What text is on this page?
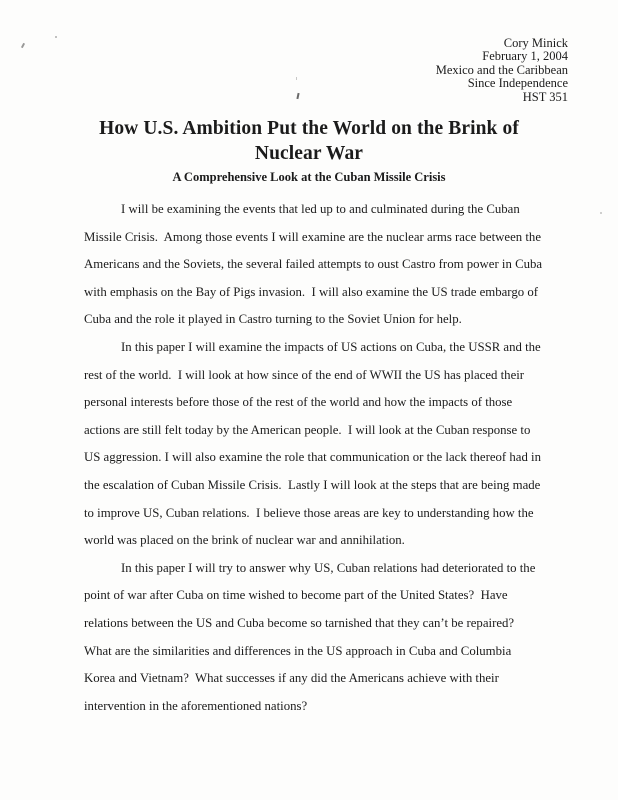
Cory Minick
February 1, 2004
Mexico and the Caribbean
Since Independence
HST 351
How U.S. Ambition Put the World on the Brink of
Nuclear War
A Comprehensive Look at the Cuban Missile Crisis
I will be examining the events that led up to and culminated during the Cuban
Missile Crisis.  Among those events I will examine are the nuclear arms race between the
Americans and the Soviets, the several failed attempts to oust Castro from power in Cuba
with emphasis on the Bay of Pigs invasion.  I will also examine the US trade embargo of
Cuba and the role it played in Castro turning to the Soviet Union for help.
In this paper I will examine the impacts of US actions on Cuba, the USSR and the
rest of the world.  I will look at how since of the end of WWII the US has placed their
personal interests before those of the rest of the world and how the impacts of those
actions are still felt today by the American people.  I will look at the Cuban response to
US aggression. I will also examine the role that communication or the lack thereof had in
the escalation of Cuban Missile Crisis.  Lastly I will look at the steps that are being made
to improve US, Cuban relations.  I believe those areas are key to understanding how the
world was placed on the brink of nuclear war and annihilation.
In this paper I will try to answer why US, Cuban relations had deteriorated to the
point of war after Cuba on time wished to become part of the United States?  Have
relations between the US and Cuba become so tarnished that they can’t be repaired?
What are the similarities and differences in the US approach in Cuba and Columbia
Korea and Vietnam?  What successes if any did the Americans achieve with their
intervention in the aforementioned nations?
